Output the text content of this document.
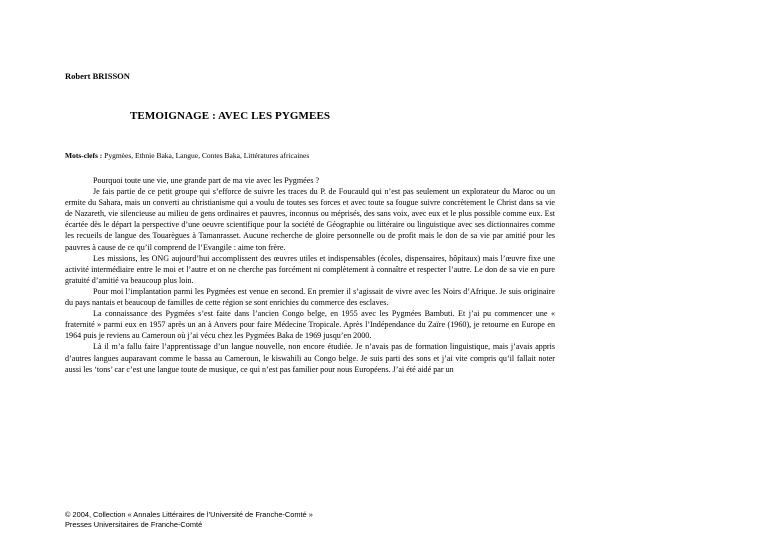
Robert BRISSON
TEMOIGNAGE : AVEC LES PYGMEES
Mots-clefs : Pygmèes, Ethnie Baka, Langue, Contes Baka, Littératures africaines

Pourquoi toute une vie, une grande part de ma vie avec les Pygmées ?

Je fais partie de ce petit groupe qui s’efforce de suivre les traces du P. de Foucauld qui n’est pas seulement un explorateur du Maroc ou un ermite du Sahara, mais un converti au christianisme qui a voulu de toutes ses forces et avec toute sa fougue suivre concrètement le Christ dans sa vie de Nazareth, vie silencieuse au milieu de gens ordinaires et pauvres, inconnus ou méprisés, des sans voix, avec eux et le plus possible comme eux. Est écartée dès le départ la perspective d’une oeuvre scientifique pour la société de Géographie ou littéraire ou linguistique avec ses dictionnaires comme les recueils de langue des Touarègues à Tamanrasset. Aucune recherche de gloire personnelle ou de profit mais le don de sa vie par amitié pour les pauvres à cause de ce qu’il comprend de l’Evangile : aime ton frère.

Les missions, les ONG aujourd’hui accomplissent des œuvres utiles et indispensables (écoles, dispensaires, hôpitaux) mais l’œuvre fixe une activité intermédiaire entre le moi et l’autre et on ne cherche pas forcément ni complètement à connaître et respecter l’autre. Le don de sa vie en pure gratuité d’amitié va beaucoup plus loin.

Pour moi l’implantation parmi les Pygmées est venue en second. En premier il s’agissait de vivre avec les Noirs d’Afrique. Je suis originaire du pays nantais et beaucoup de familles de cette région se sont enrichies du commerce des esclaves.

La connaissance des Pygmées s’est faite dans l’ancien Congo belge, en 1955 avec les Pygmées Bambuti. Et j’ai pu commencer une « fraternité » parmi eux en 1957 après un an à Anvers pour faire Médecine Tropicale. Après l’Indépendance du Zaïre (1960), je retourne en Europe en 1964 puis je reviens au Cameroun où j’ai vécu chez les Pygmées Baka de 1969 jusqu’en 2000.

Là il m’a fallu faire l’apprentissage d’un langue nouvelle, non encore étudiée. Je n’avais pas de formation linguistique, mais j’avais appris d’autres langues auparavant comme le bassa au Cameroun, le kiswahili au Congo belge. Je suis parti des sons et j’ai vite compris qu’il fallait noter aussi les ‘tons’ car c’est une langue toute de musique, ce qui n’est pas familier pour nous Européens. J’ai été aidé par un

© 2004, Collection « Annales Littéraires de l’Université de Franche-Comté »
Presses Universitaires de Franche-Comté
